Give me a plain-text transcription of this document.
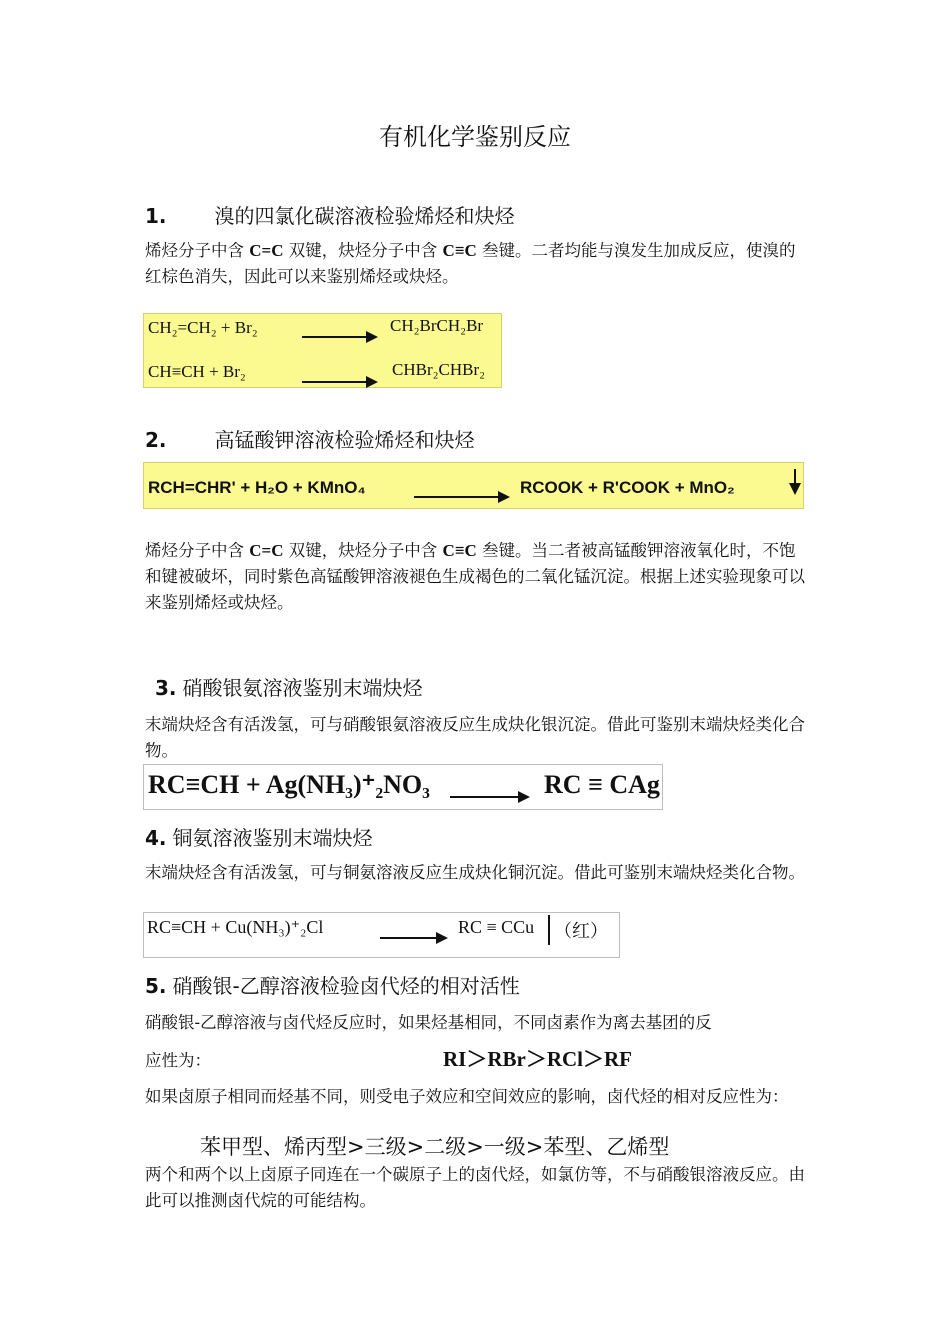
有机化学鉴别反应
1. 溴的四氯化碳溶液检验烯烃和炔烃
烯烃分子中含 C=C 双键，炔烃分子中含 C≡C 叁键。二者均能与溴发生加成反应，使溴的红棕色消失，因此可以来鉴别烯烃或炔烃。
CH₂=CH₂ + Br₂	CH₂BrCH₂Br
CH≡CH + Br₂	CHBr₂CHBr₂
2. 高锰酸钾溶液检验烯烃和炔烃
RCH=CHR' + H₂O + KMnO₄	RCOOK + R'COOK + MnO₂
烯烃分子中含 C=C 双键，炔烃分子中含 C≡C 叁键。当二者被高锰酸钾溶液氧化时，不饱和键被破坏，同时紫色高锰酸钾溶液褪色生成褐色的二氧化锰沉淀。根据上述实验现象可以来鉴别烯烃或炔烃。
3. 硝酸银氨溶液鉴别末端炔烃
末端炔烃含有活泼氢，可与硝酸银氨溶液反应生成炔化银沉淀。借此可鉴别末端炔烃类化合物。
RC≡CH + Ag(NH₃)⁺₂NO₃	RC ≡ CAg
4. 铜氨溶液鉴别末端炔烃
末端炔烃含有活泼氢，可与铜氨溶液反应生成炔化铜沉淀。借此可鉴别末端炔烃类化合物。
RC≡CH + Cu(NH₃)⁺₂Cl	RC ≡ CCu （红）
5. 硝酸银-乙醇溶液检验卤代烃的相对活性
硝酸银-乙醇溶液与卤代烃反应时，如果烃基相同，不同卤素作为离去基团的反
应性为：	RI＞RBr＞RCl＞RF
如果卤原子相同而烃基不同，则受电子效应和空间效应的影响，卤代烃的相对反应性为：
苯甲型、烯丙型>三级>二级>一级>苯型、乙烯型
两个和两个以上卤原子同连在一个碳原子上的卤代烃，如氯仿等，不与硝酸银溶液反应。由此可以推测卤代烷的可能结构。
